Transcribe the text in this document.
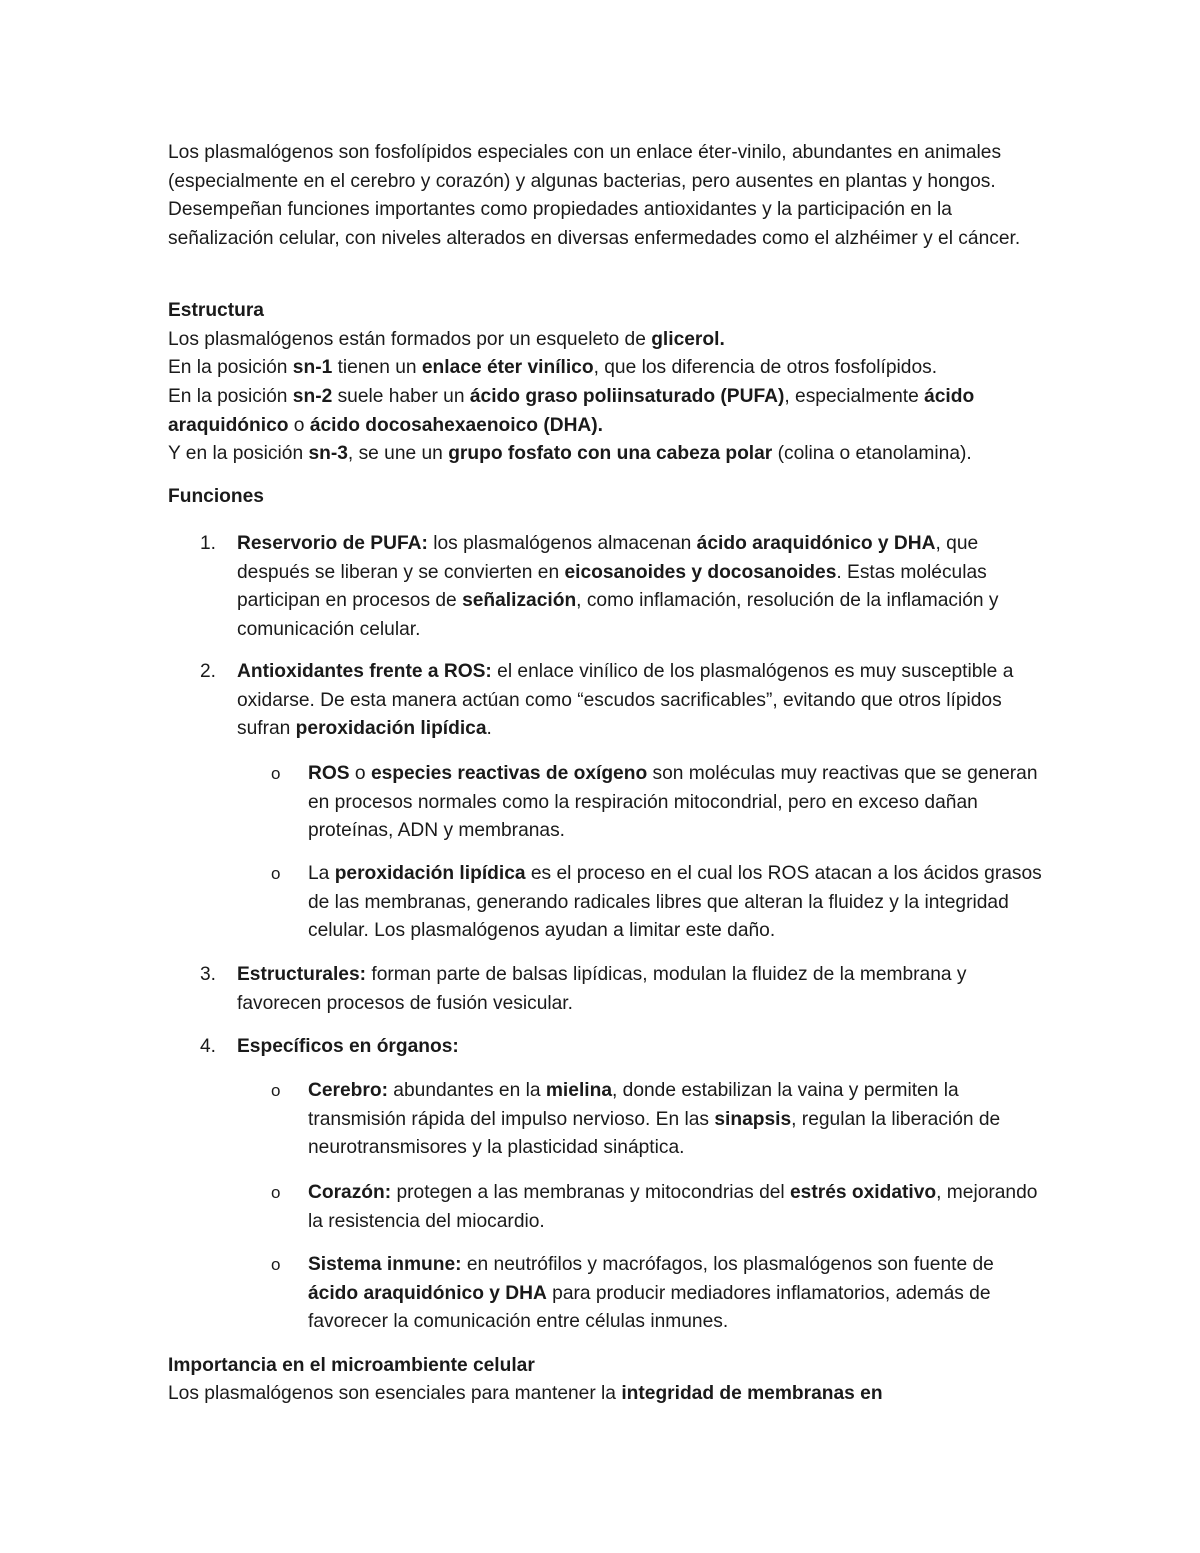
Los plasmalógenos son fosfolípidos especiales con un enlace éter-vinilo, abundantes en animales (especialmente en el cerebro y corazón) y algunas bacterias, pero ausentes en plantas y hongos. Desempeñan funciones importantes como propiedades antioxidantes y la participación en la señalización celular, con niveles alterados en diversas enfermedades como el alzhéimer y el cáncer.

Estructura

Los plasmalógenos están formados por un esqueleto de glicerol.

En la posición sn-1 tienen un enlace éter vinílico, que los diferencia de otros fosfolípidos.

En la posición sn-2 suele haber un ácido graso poliinsaturado (PUFA), especialmente ácido araquidónico o ácido docosahexaenoico (DHA).

Y en la posición sn-3, se une un grupo fosfato con una cabeza polar (colina o etanolamina).

Funciones
1.	Reservorio de PUFA: los plasmalógenos almacenan ácido araquidónico y DHA, que después se liberan y se convierten en eicosanoides y docosanoides. Estas moléculas participan en procesos de señalización, como inflamación, resolución de la inflamación y comunicación celular.

2.	Antioxidantes frente a ROS: el enlace vinílico de los plasmalógenos es muy susceptible a oxidarse. De esta manera actúan como “escudos sacrificables”, evitando que otros lípidos sufran peroxidación lipídica.

o	ROS o especies reactivas de oxígeno son moléculas muy reactivas que se generan en procesos normales como la respiración mitocondrial, pero en exceso dañan proteínas, ADN y membranas.

o	La peroxidación lipídica es el proceso en el cual los ROS atacan a los ácidos grasos de las membranas, generando radicales libres que alteran la fluidez y la integridad celular. Los plasmalógenos ayudan a limitar este daño.

3.	Estructurales: forman parte de balsas lipídicas, modulan la fluidez de la membrana y favorecen procesos de fusión vesicular.

4.	Específicos en órganos:

o	Cerebro: abundantes en la mielina, donde estabilizan la vaina y permiten la transmisión rápida del impulso nervioso. En las sinapsis, regulan la liberación de neurotransmisores y la plasticidad sináptica.

o	Corazón: protegen a las membranas y mitocondrias del estrés oxidativo, mejorando la resistencia del miocardio.

o	Sistema inmune: en neutrófilos y macrófagos, los plasmalógenos son fuente de ácido araquidónico y DHA para producir mediadores inflamatorios, además de favorecer la comunicación entre células inmunes.

Importancia en el microambiente celular

Los plasmalógenos son esenciales para mantener la integridad de membranas en
